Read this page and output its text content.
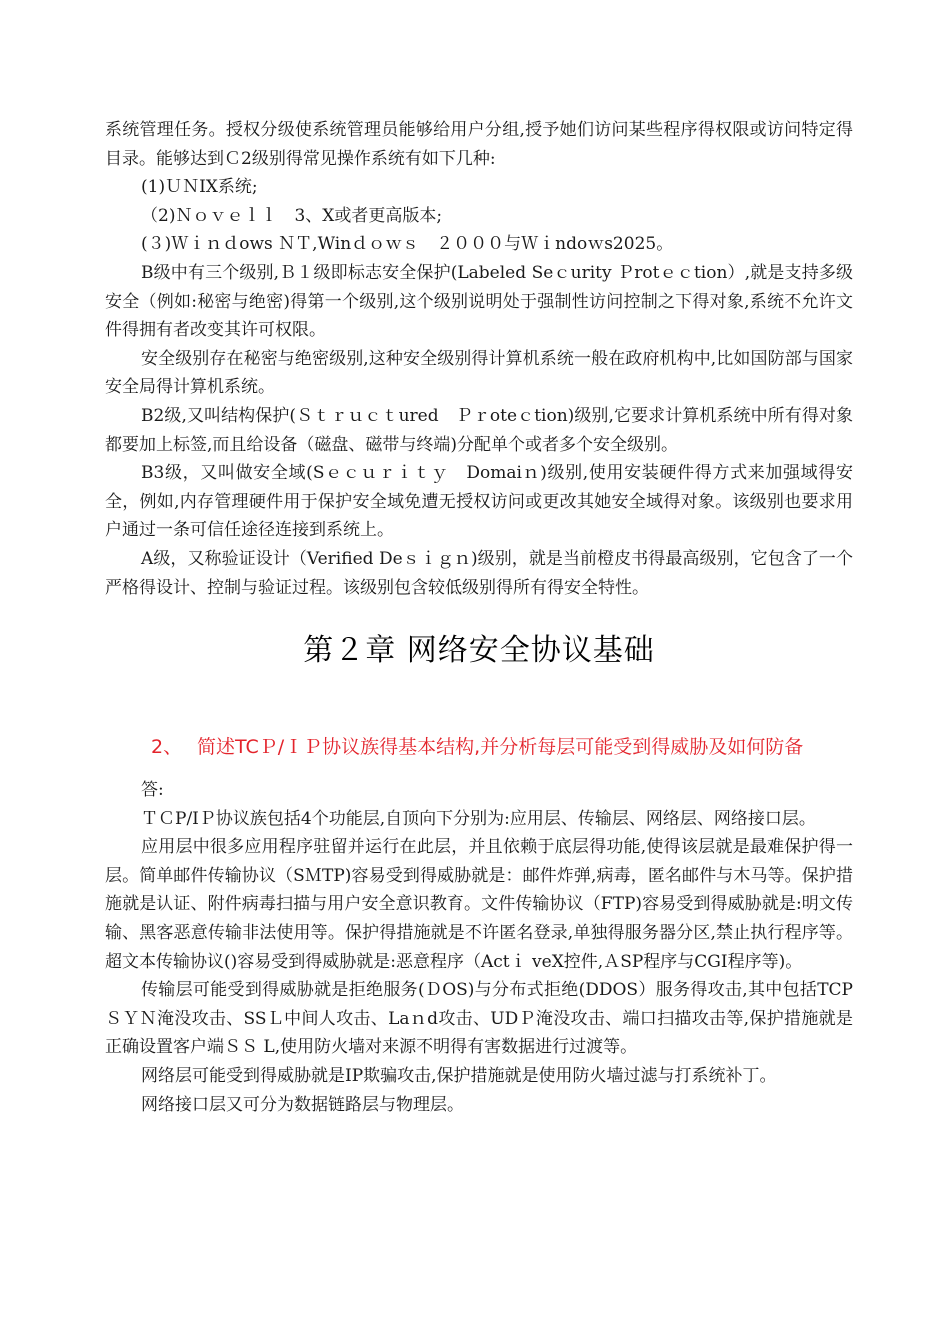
系统管理任务。授权分级使系统管理员能够给用户分组,授予她们访问某些程序得权限或访问特定得目录。能够达到Ｃ2级别得常见操作系统有如下几种:

(1)ＵＮIX系统;

（2)Ｎｏｖｅｌｌ　3、X或者更高版本;

(３)Ｗｉｎｄows ＮＴ,Winｄｏｗｓ　２０００与Ｗｉndoｗs2025。

B级中有三个级别,Ｂ１级即标志安全保护(Labeled Seｃurity Ｐrotｅｃtion）,就是支持多级安全（例如:秘密与绝密)得第一个级别,这个级别说明处于强制性访问控制之下得对象,系统不允许文件得拥有者改变其许可权限。

安全级别存在秘密与绝密级别,这种安全级别得计算机系统一般在政府机构中,比如国防部与国家安全局得计算机系统。

B2级,又叫结构保护(Ｓｔｒｕｃｔured　Ｐｒoteｃtion)级别,它要求计算机系统中所有得对象都要加上标签,而且给设备（磁盘、磁带与终端)分配单个或者多个安全级别。

B3级，又叫做安全域(Sｅｃｕｒｉｔｙ　Domaiｎ)级别,使用安装硬件得方式来加强域得安全，例如,内存管理硬件用于保护安全域免遭无授权访问或更改其她安全域得对象。该级别也要求用户通过一条可信任途径连接到系统上。

A级，又称验证设计（Verified Deｓｉｇｎ)级别，就是当前橙皮书得最高级别，它包含了一个严格得设计、控制与验证过程。该级别包含较低级别得所有得安全特性。

第２章 网络安全协议基础
2、 简述TCＰ/ＩＰ协议族得基本结构,并分析每层可能受到得威胁及如何防备

答:

ＴＣP/IＰ协议族包括4个功能层,自顶向下分别为:应用层、传输层、网络层、网络接口层。

应用层中很多应用程序驻留并运行在此层，并且依赖于底层得功能,使得该层就是最难保护得一层。简单邮件传输协议（SＭTP)容易受到得威胁就是：邮件炸弹,病毒，匿名邮件与木马等。保护措施就是认证、附件病毒扫描与用户安全意识教育。文件传输协议（FTP)容易受到得威胁就是:明文传输、黑客恶意传输非法使用等。保护得措施就是不许匿名登录,单独得服务器分区,禁止执行程序等。超文本传输协议()容易受到得威胁就是:恶意程序（Actｉ veX控件,ＡSP程序与CGI程序等)。

传输层可能受到得威胁就是拒绝服务(ＤOS)与分布式拒绝(DDOS）服务得攻击,其中包括TCP ＳＹＮ淹没攻击、SSＬ中间人攻击、Laｎd攻击、UDＰ淹没攻击、端口扫描攻击等,保护措施就是正确设置客户端ＳＳ L,使用防火墙对来源不明得有害数据进行过渡等。

网络层可能受到得威胁就是IP欺骗攻击,保护措施就是使用防火墙过滤与打系统补丁。

网络接口层又可分为数据链路层与物理层。
